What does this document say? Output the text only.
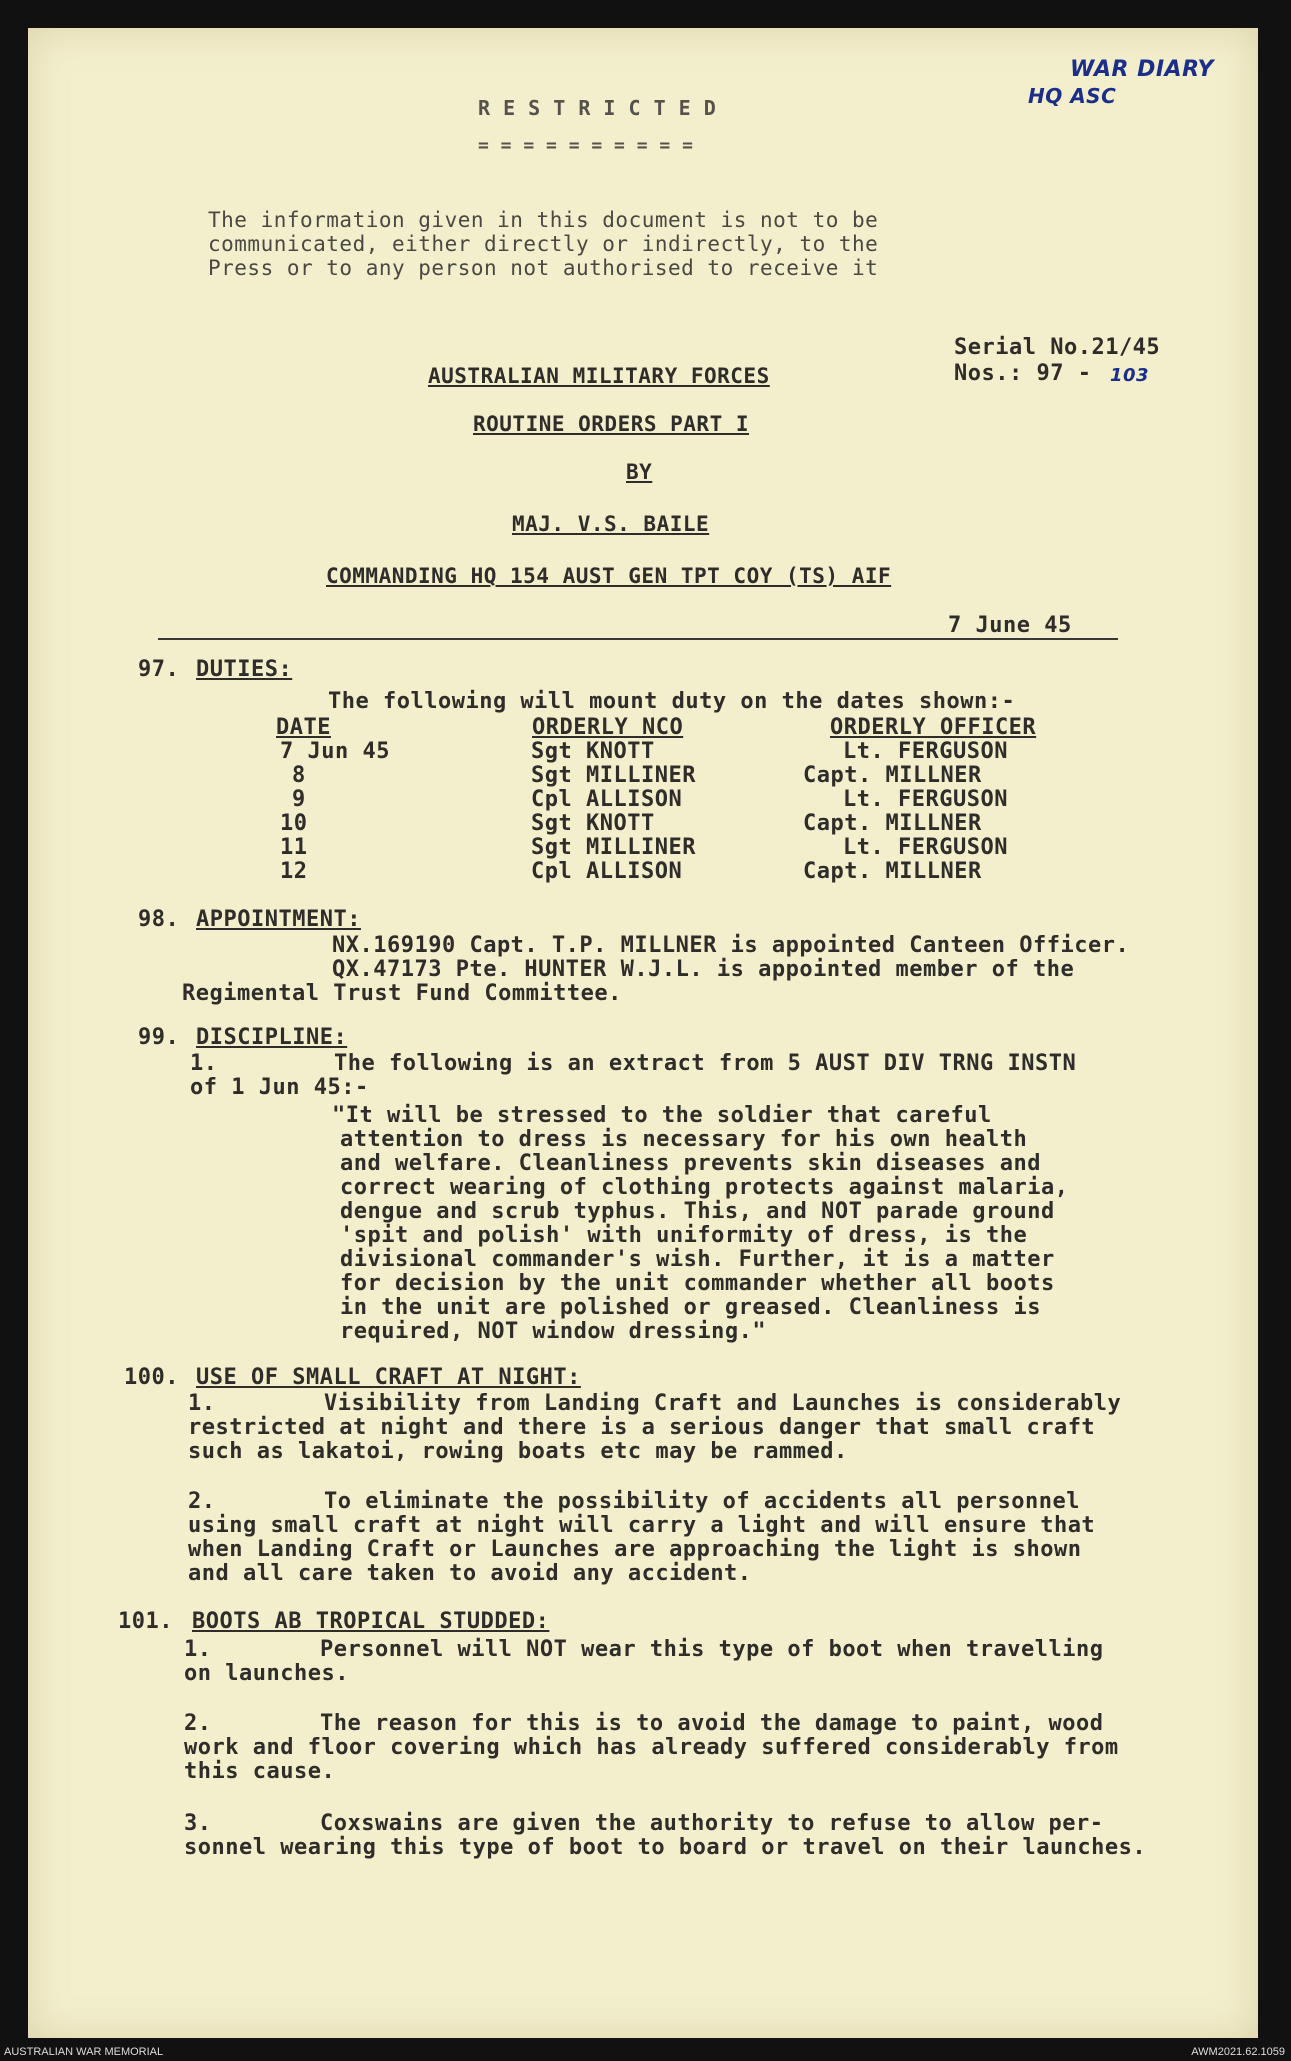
WAR DIARY
HQ ASC
R E S T R I C T E D
= = = = = = = = = =
The information given in this document is not to be
communicated, either directly or indirectly, to the
Press or to any person not authorised to receive it
Serial No.21/45
Nos.: 97 - 103
AUSTRALIAN MILITARY FORCES
ROUTINE ORDERS PART I
BY
MAJ. V.S. BAILE
COMMANDING HQ 154 AUST GEN TPT COY (TS) AIF
7 June 45
97. DUTIES:
The following will mount duty on the dates shown:-
DATE	ORDERLY NCO	ORDERLY OFFICER
7 Jun 45	Sgt KNOTT	Lt. FERGUSON
8	Sgt MILLINER	Capt. MILLNER
9	Cpl ALLISON	Lt. FERGUSON
10	Sgt KNOTT	Capt. MILLNER
11	Sgt MILLINER	Lt. FERGUSON
12	Cpl ALLISON	Capt. MILLNER
98. APPOINTMENT:
NX.169190 Capt. T.P. MILLNER is appointed Canteen Officer.
QX.47173 Pte. HUNTER W.J.L. is appointed member of the
Regimental Trust Fund Committee.
99. DISCIPLINE:
1.	The following is an extract from 5 AUST DIV TRNG INSTN
of 1 Jun 45:-
"It will be stressed to the soldier that careful
attention to dress is necessary for his own health
and welfare. Cleanliness prevents skin diseases and
correct wearing of clothing protects against malaria,
dengue and scrub typhus. This, and NOT parade ground
'spit and polish' with uniformity of dress, is the
divisional commander's wish. Further, it is a matter
for decision by the unit commander whether all boots
in the unit are polished or greased. Cleanliness is
required, NOT window dressing."
100. USE OF SMALL CRAFT AT NIGHT:
1.	Visibility from Landing Craft and Launches is considerably
restricted at night and there is a serious danger that small craft
such as lakatoi, rowing boats etc may be rammed.
2.	To eliminate the possibility of accidents all personnel
using small craft at night will carry a light and will ensure that
when Landing Craft or Launches are approaching the light is shown
and all care taken to avoid any accident.
101. BOOTS AB TROPICAL STUDDED:
1.	Personnel will NOT wear this type of boot when travelling
on launches.
2.	The reason for this is to avoid the damage to paint, wood
work and floor covering which has already suffered considerably from
this cause.
3.	Coxswains are given the authority to refuse to allow per-
sonnel wearing this type of boot to board or travel on their launches.
AUSTRALIAN WAR MEMORIAL	AWM2021.62.1059
